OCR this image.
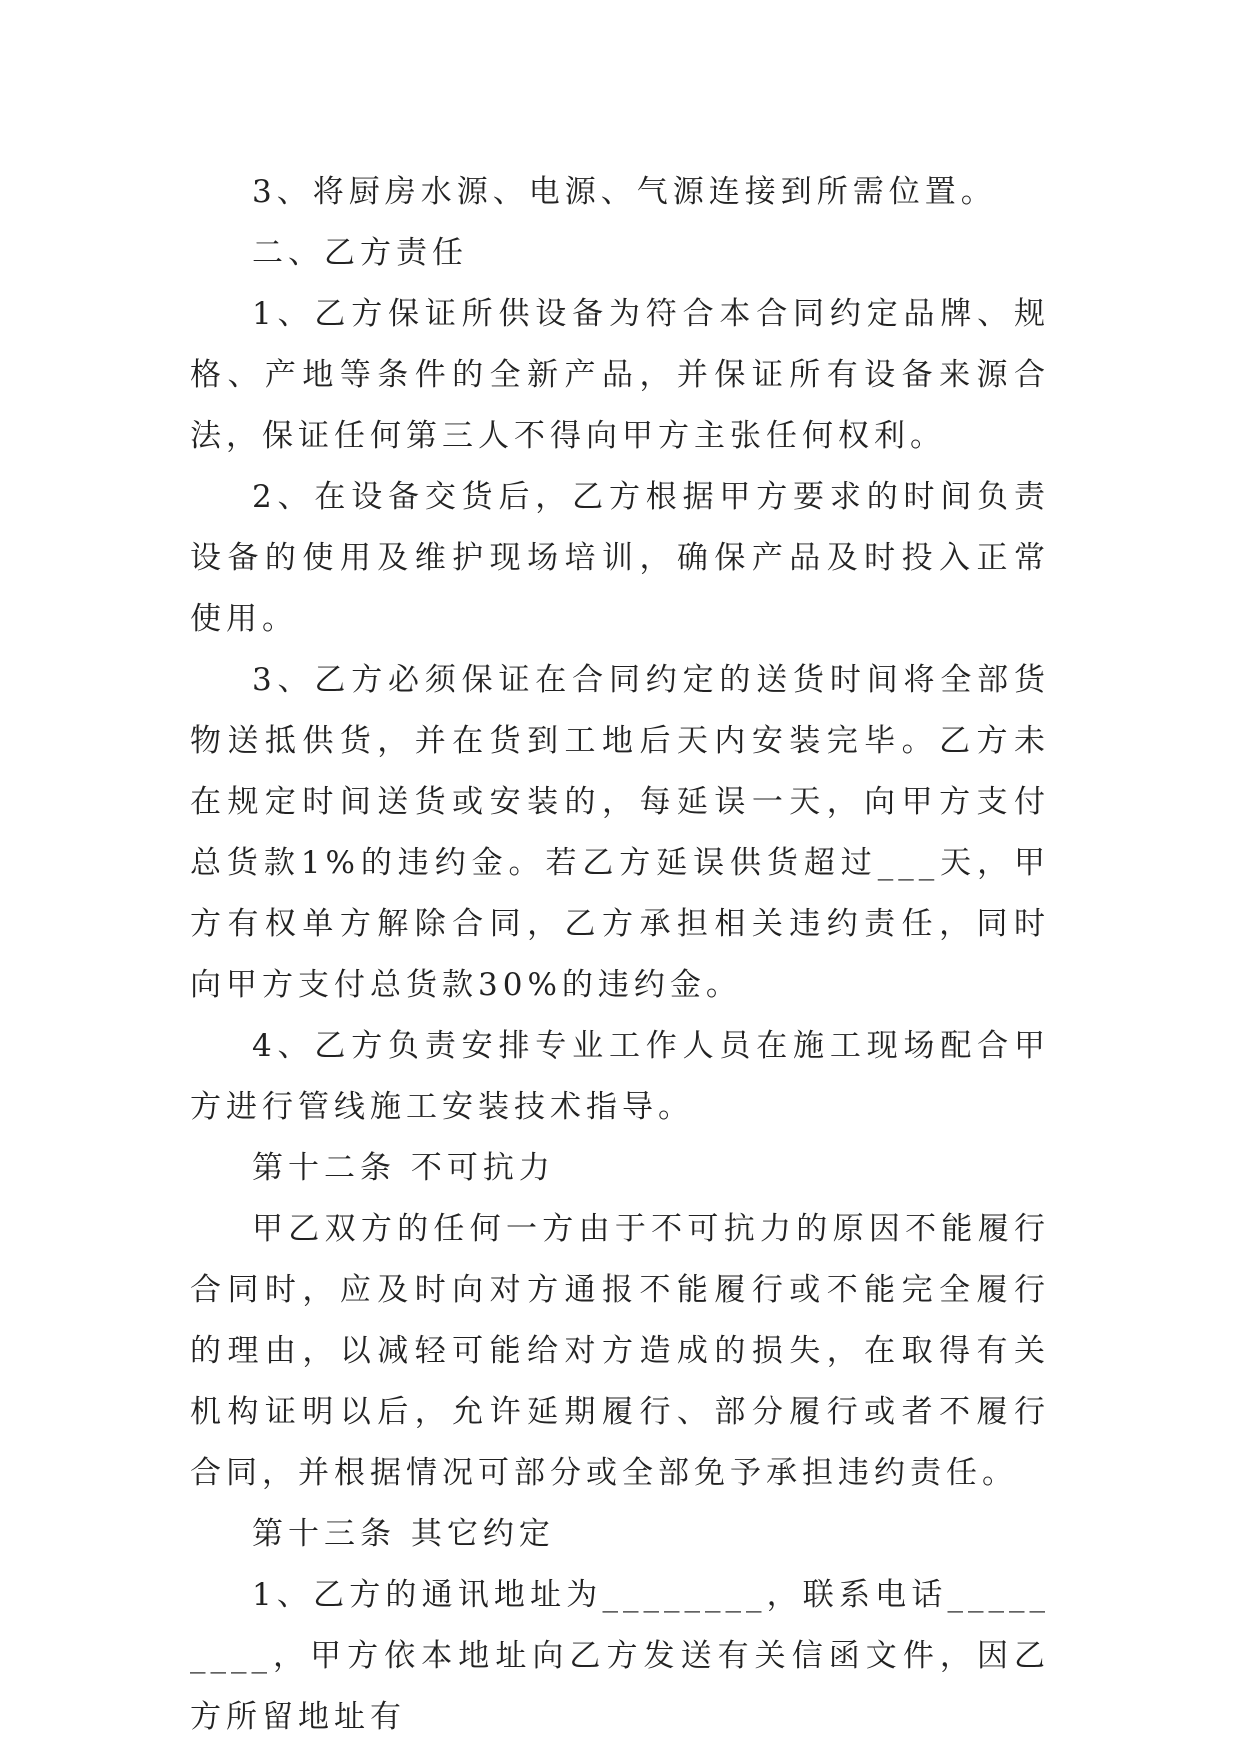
3、将厨房水源、电源、气源连接到所需位置。

二、乙方责任

1、乙方保证所供设备为符合本合同约定品牌、规格、产地等条件的全新产品，并保证所有设备来源合法，保证任何第三人不得向甲方主张任何权利。

2、在设备交货后，乙方根据甲方要求的时间负责设备的使用及维护现场培训，确保产品及时投入正常使用。

3、乙方必须保证在合同约定的送货时间将全部货物送抵供货，并在货到工地后天内安装完毕。乙方未在规定时间送货或安装的，每延误一天，向甲方支付总货款1%的违约金。若乙方延误供货超过___天，甲方有权单方解除合同，乙方承担相关违约责任，同时向甲方支付总货款30%的违约金。

4、乙方负责安排专业工作人员在施工现场配合甲方进行管线施工安装技术指导。

第十二条 不可抗力

甲乙双方的任何一方由于不可抗力的原因不能履行合同时，应及时向对方通报不能履行或不能完全履行的理由，以减轻可能给对方造成的损失，在取得有关机构证明以后，允许延期履行、部分履行或者不履行合同，并根据情况可部分或全部免予承担违约责任。

第十三条 其它约定

1、乙方的通讯地址为________，联系电话_________，甲方依本地址向乙方发送有关信函文件，因乙方所留地址有
